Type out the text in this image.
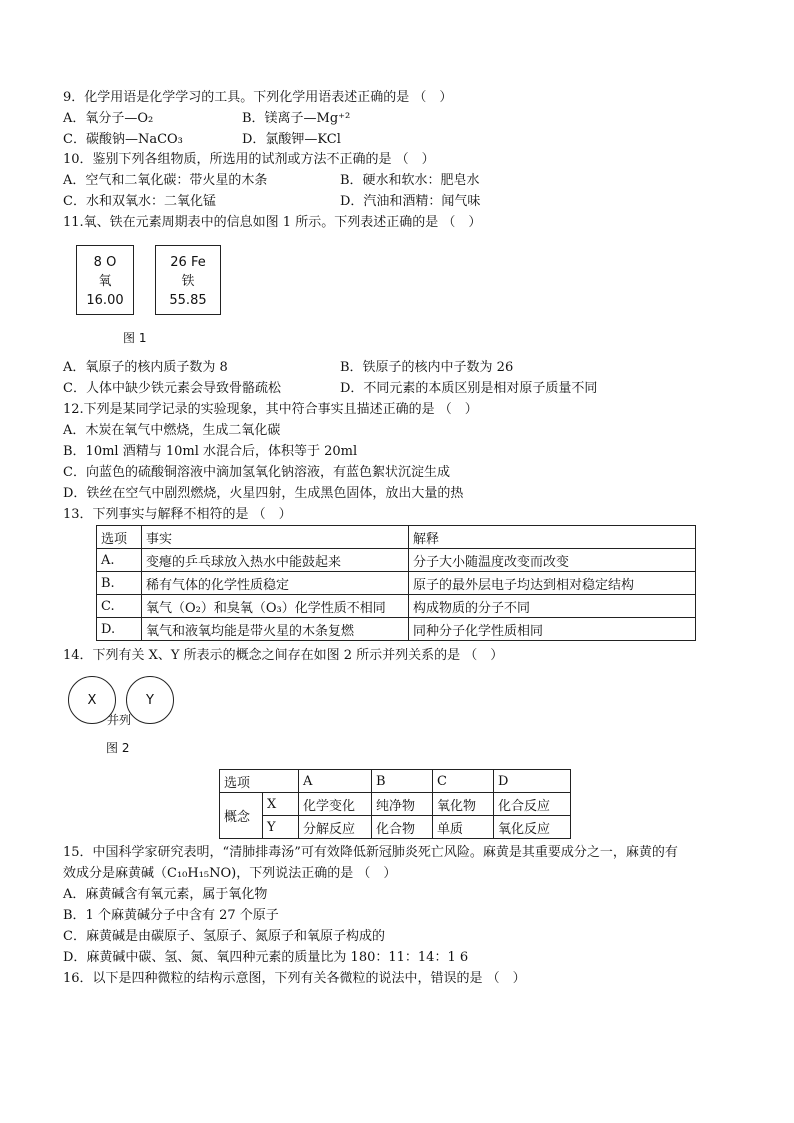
9．化学用语是化学学习的工具。下列化学用语表述正确的是 （　）
A．氧分子—O₂	B．镁离子—Mg⁺²
C．碳酸钠—NaCO₃	D．氯酸钾—KCl
10．鉴别下列各组物质，所选用的试剂或方法不正确的是 （　）
A．空气和二氧化碳：带火星的木条	B．硬水和软水：肥皂水
C．水和双氧水：二氧化锰	D．汽油和酒精：闻气味
11.氧、铁在元素周期表中的信息如图 1 所示。下列表述正确的是 （　）
8 O
氧
16.00
26 Fe
铁
55.85
图 1
A．氧原子的核内质子数为 8	B．铁原子的核内中子数为 26
C．人体中缺少铁元素会导致骨骼疏松	D．不同元素的本质区别是相对原子质量不同
12.下列是某同学记录的实验现象，其中符合事实且描述正确的是 （　）
A．木炭在氧气中燃烧，生成二氧化碳
B．10ml 酒精与 10ml 水混合后，体积等于 20ml
C．向蓝色的硫酸铜溶液中滴加氢氧化钠溶液，有蓝色絮状沉淀生成
D．铁丝在空气中剧烈燃烧，火星四射，生成黑色固体，放出大量的热
13．下列事实与解释不相符的是 （　）
选项	事实	解释
A.	变瘪的乒乓球放入热水中能鼓起来	分子大小随温度改变而改变
B.	稀有气体的化学性质稳定	原子的最外层电子均达到相对稳定结构
C.	氧气（O₂）和臭氧（O₃）化学性质不相同	构成物质的分子不同
D.	氧气和液氧均能是带火星的木条复燃	同种分子化学性质相同
14．下列有关 X、Y 所表示的概念之间存在如图 2 所示并列关系的是 （　）
X	Y
并列
图 2
选项		A	B	C	D
概念	X	化学变化	纯净物	氧化物	化合反应
	Y	分解反应	化合物	单质	氧化反应
15．中国科学家研究表明，“清肺排毒汤”可有效降低新冠肺炎死亡风险。麻黄是其重要成分之一，麻黄的有
效成分是麻黄碱（C₁₀H₁₅NO)，下列说法正确的是 （　）
A．麻黄碱含有氧元素，属于氧化物
B．1 个麻黄碱分子中含有 27 个原子
C．麻黄碱是由碳原子、氢原子、氮原子和氧原子构成的
D．麻黄碱中碳、氢、氮、氧四种元素的质量比为 180：11：14：1 6
16．以下是四种微粒的结构示意图，下列有关各微粒的说法中，错误的是 （　）
